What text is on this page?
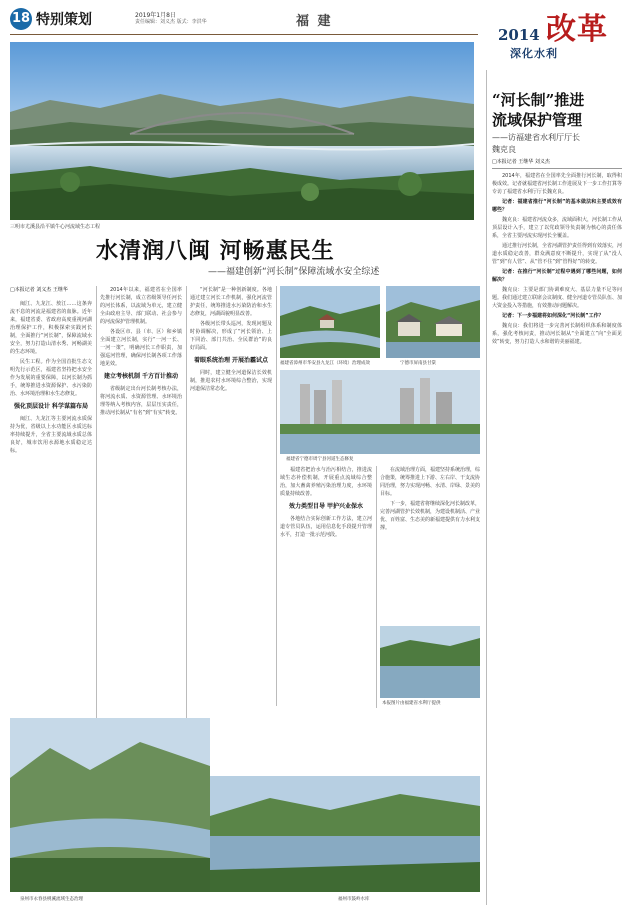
18 特别策划	2019年1月8日
责任编辑：刘义杰 版式：李洪华	福 建
2014 改革
深化水利
三明市尤溪县沿平镇牛心河流域生态工程
水清润八闽 河畅惠民生
——福建创新“河长制”保障流域水安全综述
□本报记者 刘义杰 王继华

闽江、九龙江、敖江……这条奔流不息的河流是福建省的血脉。近年来，福建省委、省政府高度重视河湖治理保护工作，积极探索实践河长制，全面推行“河长制”，保障流域水安全，努力打造山清水秀、河畅湖美的生态环境。

民生工程。作为全国首批生态文明先行示范区，福建省坚持把水安全作为发展的重要保障，以河长制为抓手，统筹推进水资源保护、水污染防治、水环境治理和水生态修复。

强化顶层设计 科学谋篇布局

闽江、九龙江等主要河流水质保持为优，省级以上水功能区水质达标率持续提升，全省主要流域水质总体良好，城市饮用水源地水质稳定达标。

2014年以来，福建省在全国率先推行河长制，成立省级领导任河长的河长体系，以流域为单元，建立健全由政府主导、部门联动、社会参与的河流保护管理机制。

各设区市、县（市、区）和乡镇全面建立河长制，实行“一河一长、一河一策”，明确河长工作职责，加强巡河管理，确保河长制各项工作落地见效。

建立考核机制 千方百计推动

省级制定出台河长制考核办法，将河流水质、水资源管理、水环境治理等纳入考核内容，层层压实责任，推动河长制从“有名”到“有实”转变。

“河长制”是一种创新制度。各地通过建立河长工作机制，强化河流管护责任，统筹推进水污染防治和水生态修复，河湖面貌明显改善。

各级河长带头巡河，发现问题及时协调解决，形成了“河长领治、上下同治、部门共治、全民群治”的良好局面。

着眼系统治理 开展治霾试点

同时，建立健全河道保洁长效机制，推进农村水环境综合整治，实现河道保洁常态化。

福建省漳州市华安县九龙江（环境）治理成效	宁德市屏南县甘棠
福建省宁德市周宁县河道生态修复

福建省把治水与治污相结合，推进流域生态补偿机制，开展重点流域综合整治，加大畜禽养殖污染治理力度，水环境质量持续改善。

效力类型目导 甲护兴业保水

各地结合实际创新工作方法，建立河道专管员队伍，运用信息化手段提升管理水平，打造一批示范河段。

在流域治理方面，福建坚持系统治理，综合施策，统筹推进上下游、左右岸、干支流协同治理，努力实现河畅、水清、岸绿、景美的目标。

下一步，福建省将继续深化河长制改革，完善河湖管护长效机制，为建设机制活、产业优、百姓富、生态美的新福建提供有力水利支撑。

本报图片由福建省水利厅提供
泉州市永春县桃溪流域生态治理	福州市鼓岭水库
“河长制”推进
流域保护管理
——访福建省水利厅厅长
魏克良
□本报记者 王继华 刘义杰

2014年，福建省在全国率先全面推行河长制，取得积极成效。记者就福建省河长制工作进展及下一步工作打算等专访了福建省水利厅厅长魏克良。

记者：福建省推行“河长制”的基本做法和主要成效有哪些？

魏克良：福建省河流众多，流域面积大，河长制工作从顶层设计入手，建立了以党政领导负责制为核心的责任体系，全省主要河流实现河长全覆盖。

通过推行河长制，全省河湖管护责任得到有效落实，河道水质稳定改善，群众满意度不断提升，实现了从“没人管”到“有人管”、从“管不住”到“管得好”的转变。

记者：在推行“河长制”过程中遇到了哪些问题，如何解决？

魏克良：主要是部门协调难度大、基层力量不足等问题。我们通过建立联席会议制度、健全河道专管员队伍、加大资金投入等措施，有效推动问题解决。

记者：下一步福建将如何深化“河长制”工作？

魏克良：我们将进一步完善河长制组织体系和制度体系，强化考核问责，推动河长制从“全面建立”向“全面见效”转变，努力打造人水和谐的美丽福建。
